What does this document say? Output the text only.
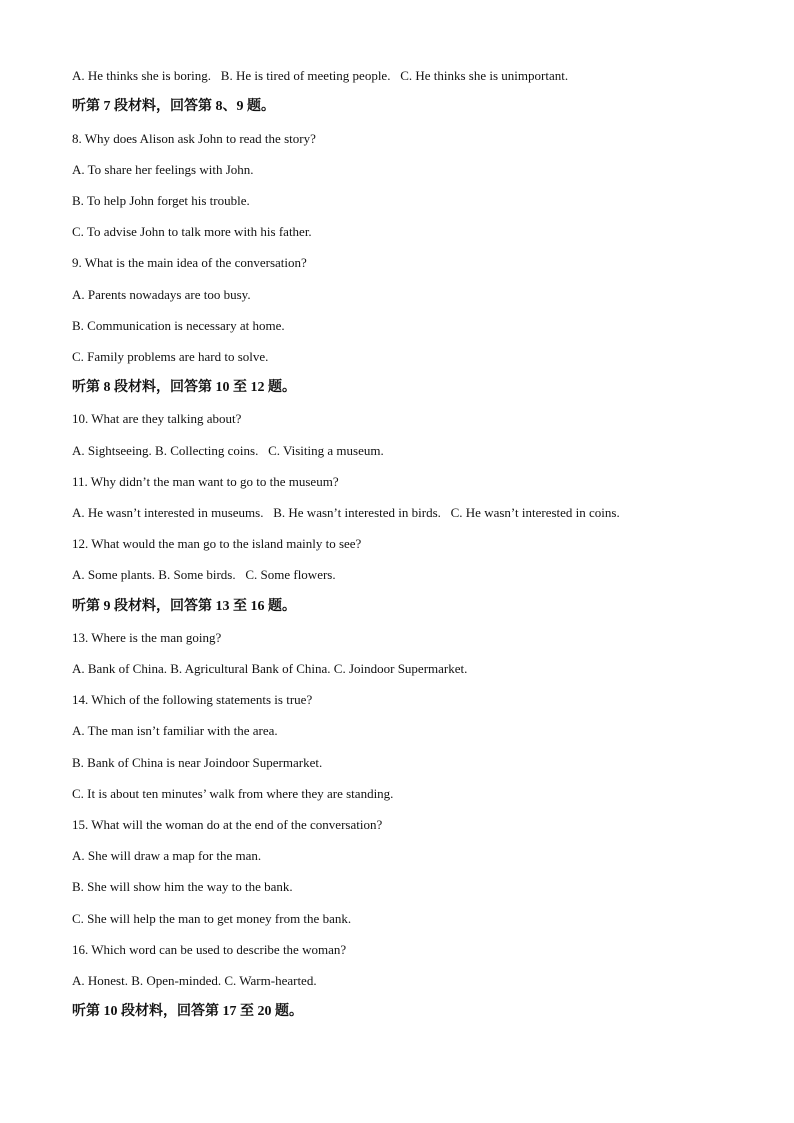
A. He thinks she is boring.   B. He is tired of meeting people.   C. He thinks she is unimportant.
听第 7 段材料，回答第 8、9 题。
8. Why does Alison ask John to read the story?
A. To share her feelings with John.
B. To help John forget his trouble.
C. To advise John to talk more with his father.
9. What is the main idea of the conversation?
A. Parents nowadays are too busy.
B. Communication is necessary at home.
C. Family problems are hard to solve.
听第 8 段材料，回答第 10 至 12 题。
10. What are they talking about?
A. Sightseeing. B. Collecting coins.   C. Visiting a museum.
11. Why didn’t the man want to go to the museum?
A. He wasn’t interested in museums.   B. He wasn’t interested in birds.   C. He wasn’t interested in coins.
12. What would the man go to the island mainly to see?
A. Some plants. B. Some birds.   C. Some flowers.
听第 9 段材料，回答第 13 至 16 题。
13. Where is the man going?
A. Bank of China. B. Agricultural Bank of China. C. Joindoor Supermarket.
14. Which of the following statements is true?
A. The man isn’t familiar with the area.
B. Bank of China is near Joindoor Supermarket.
C. It is about ten minutes’ walk from where they are standing.
15. What will the woman do at the end of the conversation?
A. She will draw a map for the man.
B. She will show him the way to the bank.
C. She will help the man to get money from the bank.
16. Which word can be used to describe the woman?
A. Honest. B. Open-minded. C. Warm-hearted.
听第 10 段材料，回答第 17 至 20 题。
